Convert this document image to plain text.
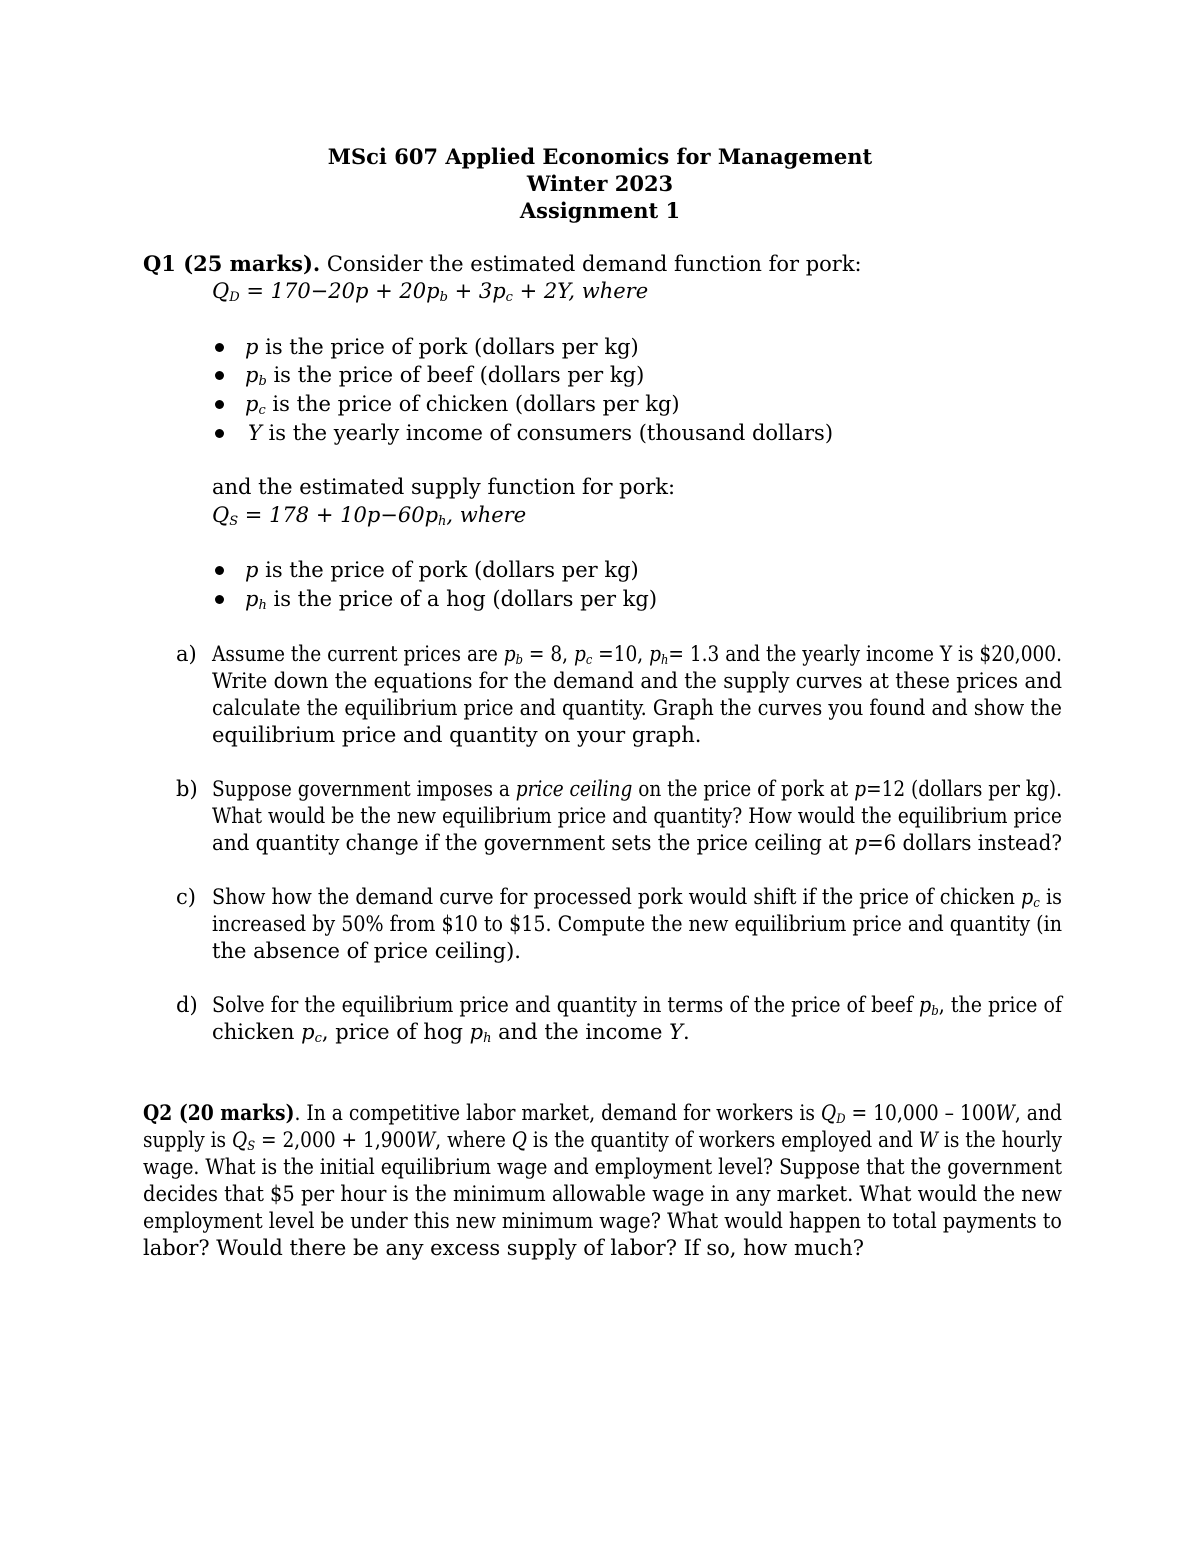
MSci 607 Applied Economics for Management
Winter 2023
Assignment 1
Q1 (25 marks). Consider the estimated demand function for pork:
$Q_D = 170-20p + 20p_b + 3p_c + 2Y$, where
p is the price of pork (dollars per kg)
$p_b$ is the price of beef (dollars per kg)
$p_c$ is the price of chicken (dollars per kg)
Y is the yearly income of consumers (thousand dollars)
and the estimated supply function for pork:
$Q_S = 178 + 10p-60p_h$, where
p is the price of pork (dollars per kg)
$p_h$ is the price of a hog (dollars per kg)
a) Assume the current prices are $p_b = 8$, $p_c =10$, $p_h= 1.3$ and the yearly income Y is $20,000.
Write down the equations for the demand and the supply curves at these prices and
calculate the equilibrium price and quantity. Graph the curves you found and show the
equilibrium price and quantity on your graph.
b) Suppose government imposes a price ceiling on the price of pork at p=12 (dollars per kg).
What would be the new equilibrium price and quantity? How would the equilibrium price
and quantity change if the government sets the price ceiling at p=6 dollars instead?
c) Show how the demand curve for processed pork would shift if the price of chicken $p_c$ is
increased by 50% from $10 to $15. Compute the new equilibrium price and quantity (in
the absence of price ceiling).
d) Solve for the equilibrium price and quantity in terms of the price of beef $p_b$, the price of
chicken $p_c$, price of hog $p_h$ and the income Y.
Q2 (20 marks). In a competitive labor market, demand for workers is $Q_D = 10,000 - 100W$, and
supply is $Q_S = 2,000 + 1,900W$, where Q is the quantity of workers employed and W is the hourly
wage. What is the initial equilibrium wage and employment level? Suppose that the government
decides that $5 per hour is the minimum allowable wage in any market. What would the new
employment level be under this new minimum wage? What would happen to total payments to
labor? Would there be any excess supply of labor? If so, how much?
